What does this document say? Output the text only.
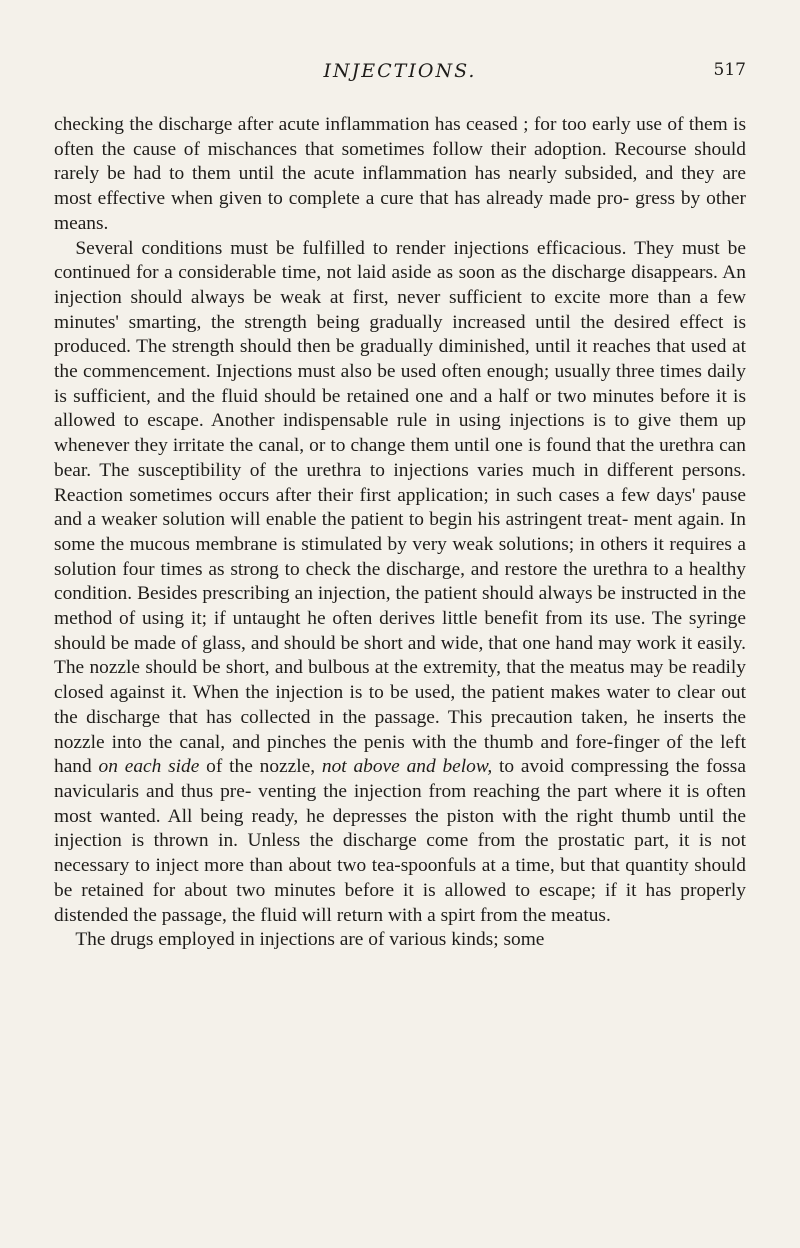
INJECTIONS.	517

checking the discharge after acute inflammation has ceased ; for too early use of them is often the cause of mischances that sometimes follow their adoption. Recourse should rarely be had to them until the acute inflammation has nearly subsided, and they are most effective when given to complete a cure that has already made pro- gress by other means.

Several conditions must be fulfilled to render injections efficacious. They must be continued for a considerable time, not laid aside as soon as the discharge disappears. An injection should always be weak at first, never sufficient to excite more than a few minutes' smarting, the strength being gradually increased until the desired effect is produced. The strength should then be gradually diminished, until it reaches that used at the commencement. Injections must also be used often enough; usually three times daily is sufficient, and the fluid should be retained one and a half or two minutes before it is allowed to escape. Another indispensable rule in using injections is to give them up whenever they irritate the canal, or to change them until one is found that the urethra can bear. The susceptibility of the urethra to injections varies much in different persons. Reaction sometimes occurs after their first application; in such cases a few days' pause and a weaker solution will enable the patient to begin his astringent treat- ment again. In some the mucous membrane is stimulated by very weak solutions; in others it requires a solution four times as strong to check the discharge, and restore the urethra to a healthy condition. Besides prescribing an injection, the patient should always be instructed in the method of using it; if untaught he often derives little benefit from its use. The syringe should be made of glass, and should be short and wide, that one hand may work it easily. The nozzle should be short, and bulbous at the extremity, that the meatus may be readily closed against it. When the injection is to be used, the patient makes water to clear out the discharge that has collected in the passage. This precaution taken, he inserts the nozzle into the canal, and pinches the penis with the thumb and fore-finger of the left hand on each side of the nozzle, not above and below, to avoid compressing the fossa navicularis and thus pre- venting the injection from reaching the part where it is often most wanted. All being ready, he depresses the piston with the right thumb until the injection is thrown in. Unless the discharge come from the prostatic part, it is not necessary to inject more than about two tea-spoonfuls at a time, but that quantity should be retained for about two minutes before it is allowed to escape; if it has properly distended the passage, the fluid will return with a spirt from the meatus.

The drugs employed in injections are of various kinds; some
